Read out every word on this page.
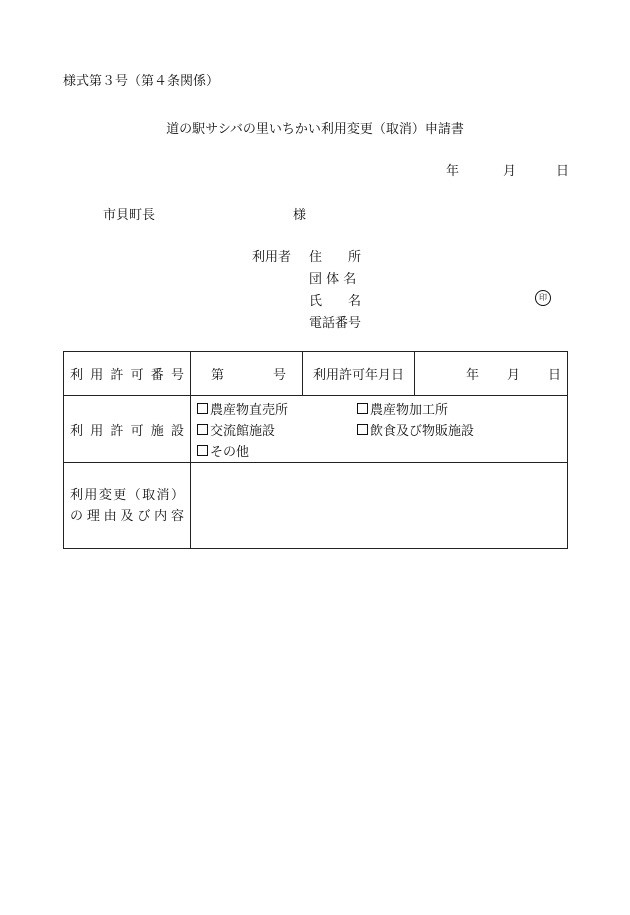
様式第３号（第４条関係）
道の駅サシバの里いちかい利用変更（取消）申請書
年	月	日
市貝町長	様
利用者 住　　所
団 体 名
氏　　名	印
電話番号
利用許可番号	第 号	利用許可年月日	年 月 日

利用許可施設	農産物直売所 農産物加工所
交流館施設 飲食及び物販施設
その他		

利用変更（取消）
の理由及び内容			
